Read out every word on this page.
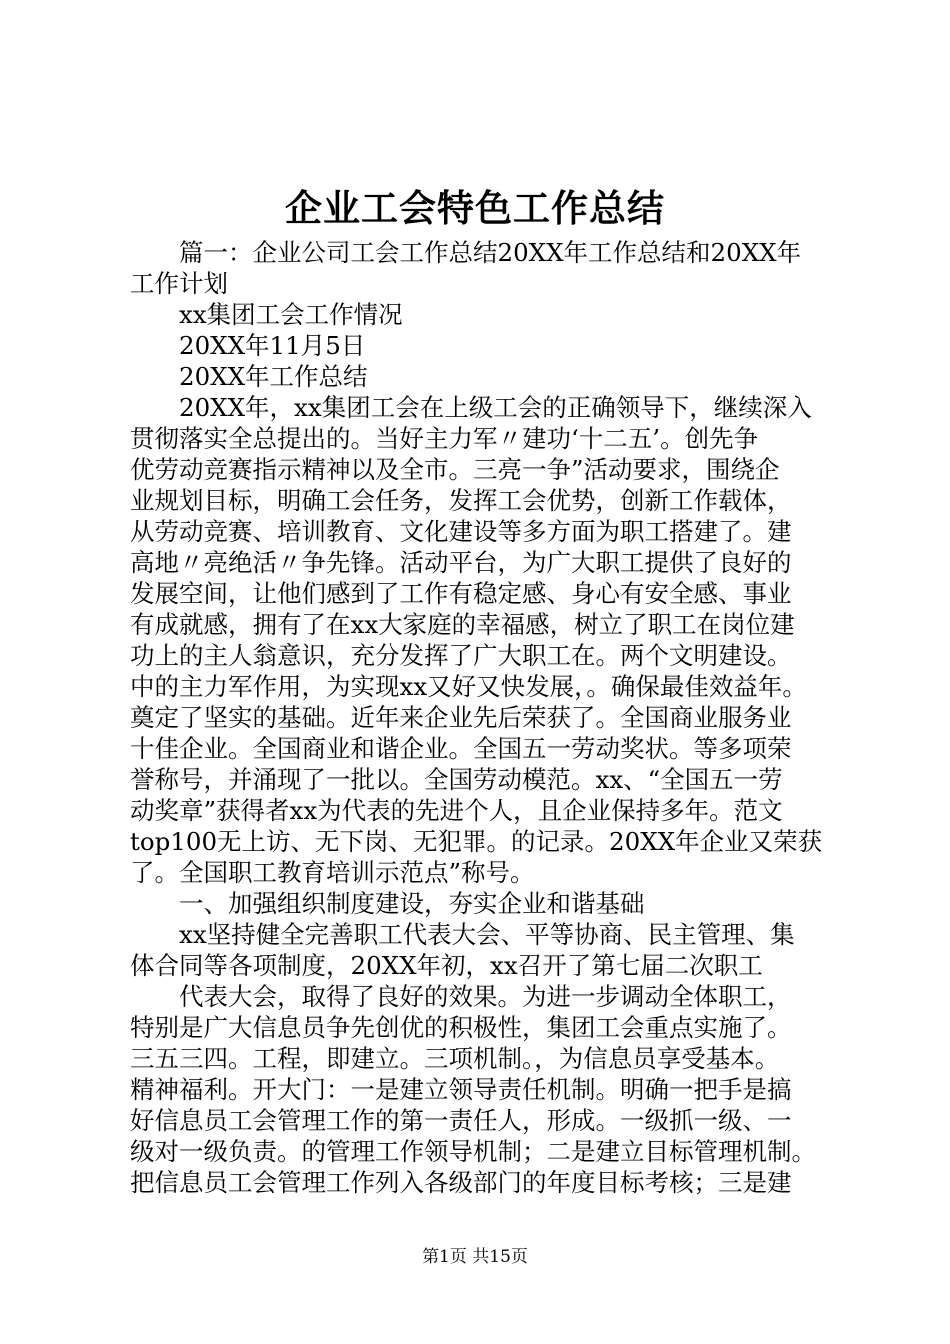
企业工会特色工作总结
篇一：企业公司工会工作总结20XX年工作总结和20XX年
工作计划
xx集团工会工作情况
20XX年11月5日
20XX年工作总结
20XX年，xx集团工会在上级工会的正确领导下，继续深入
贯彻落实全总提出的。当好主力军〃建功‘十二五’。创先争
优劳动竞赛指示精神以及全市。三亮一争”活动要求，围绕企
业规划目标，明确工会任务，发挥工会优势，创新工作载体，
从劳动竞赛、培训教育、文化建设等多方面为职工搭建了。建
高地〃亮绝活〃争先锋。活动平台，为广大职工提供了良好的
发展空间，让他们感到了工作有稳定感、身心有安全感、事业
有成就感，拥有了在xx大家庭的幸福感，树立了职工在岗位建
功上的主人翁意识，充分发挥了广大职工在。两个文明建设。
中的主力军作用，为实现xx又好又快发展，。确保最佳效益年。
奠定了坚实的基础。近年来企业先后荣获了。全国商业服务业
十佳企业。全国商业和谐企业。全国五一劳动奖状。等多项荣
誉称号，并涌现了一批以。全国劳动模范。xx、“全国五一劳
动奖章”获得者xx为代表的先进个人，且企业保持多年。范文
top100无上访、无下岗、无犯罪。的记录。20XX年企业又荣获
了。全国职工教育培训示范点”称号。
一、加强组织制度建设，夯实企业和谐基础
xx坚持健全完善职工代表大会、平等协商、民主管理、集
体合同等各项制度，20XX年初，xx召开了第七届二次职工
代表大会，取得了良好的效果。为进一步调动全体职工，
特别是广大信息员争先创优的积极性，集团工会重点实施了。
三五三四。工程，即建立。三项机制。，为信息员享受基本。
精神福利。开大门：一是建立领导责任机制。明确一把手是搞
好信息员工会管理工作的第一责任人，形成。一级抓一级、一
级对一级负责。的管理工作领导机制；二是建立目标管理机制。
把信息员工会管理工作列入各级部门的年度目标考核；三是建
第1页 共15页
